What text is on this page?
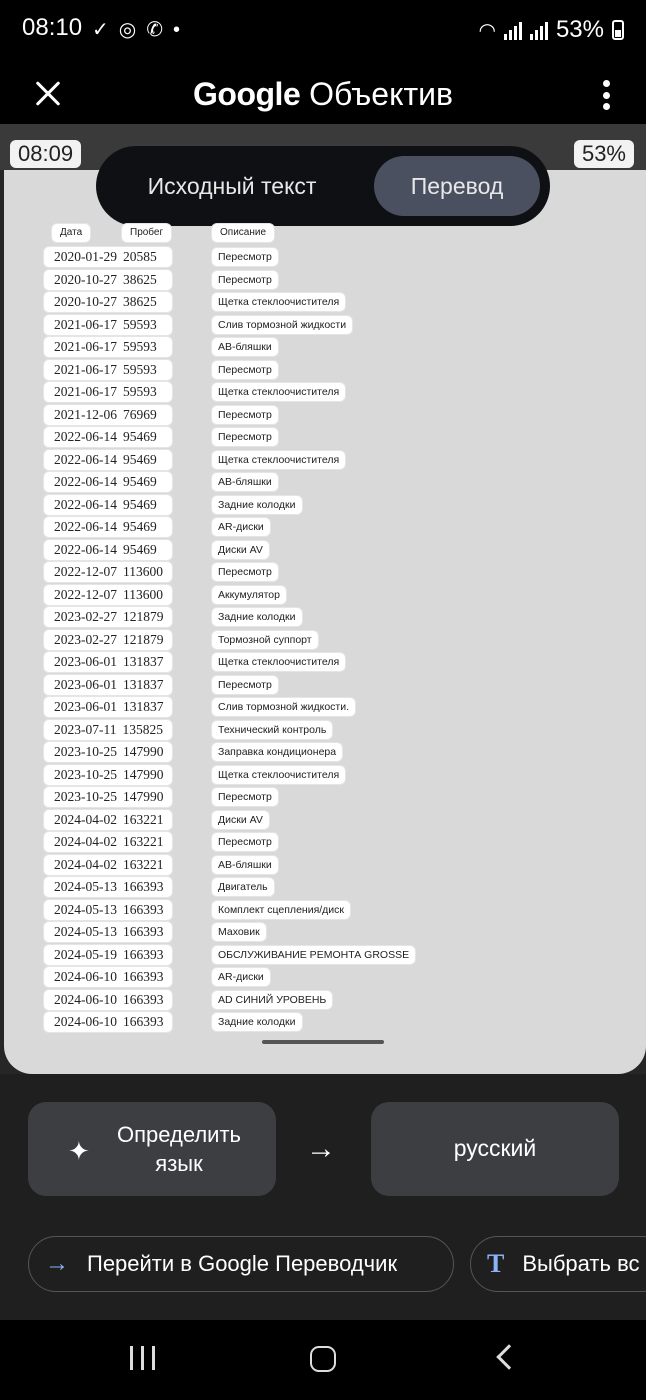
08:10 ✓ ◎ ✆ •	◠	53%
Google Объектив
08:09	53%
Исходный текст	Перевод
Дата	Пробег	Описание
2020-01-29 20585	Пересмотр
2020-10-27 38625	Пересмотр
2020-10-27 38625	Щетка стеклоочистителя
2021-06-17 59593	Слив тормозной жидкости
2021-06-17 59593	АВ-бляшки
2021-06-17 59593	Пересмотр
2021-06-17 59593	Щетка стеклоочистителя
2021-12-06 76969	Пересмотр
2022-06-14 95469	Пересмотр
2022-06-14 95469	Щетка стеклоочистителя
2022-06-14 95469	АВ-бляшки
2022-06-14 95469	Задние колодки
2022-06-14 95469	АR-диски
2022-06-14 95469	Диски AV
2022-12-07 113600	Пересмотр
2022-12-07 113600	Аккумулятор
2023-02-27 121879	Задние колодки
2023-02-27 121879	Тормозной суппорт
2023-06-01 131837	Щетка стеклоочистителя
2023-06-01 131837	Пересмотр
2023-06-01 131837	Слив тормозной жидкости.
2023-07-11 135825	Технический контроль
2023-10-25 147990	Заправка кондиционера
2023-10-25 147990	Щетка стеклоочистителя
2023-10-25 147990	Пересмотр
2024-04-02 163221	Диски AV
2024-04-02 163221	Пересмотр
2024-04-02 163221	АВ-бляшки
2024-05-13 166393	Двигатель
2024-05-13 166393	Комплект сцепления/диск
2024-05-13 166393	Маховик
2024-05-19 166393	ОБСЛУЖИВАНИЕ РЕМОНТА GROSSE
2024-06-10 166393	АR-диски
2024-06-10 166393	AD СИНИЙ УРОВЕНЬ
2024-06-10 166393	Задние колодки
✦
Определить язык	→	русский
→ Перейти в Google Переводчик	T Выбрать вс
